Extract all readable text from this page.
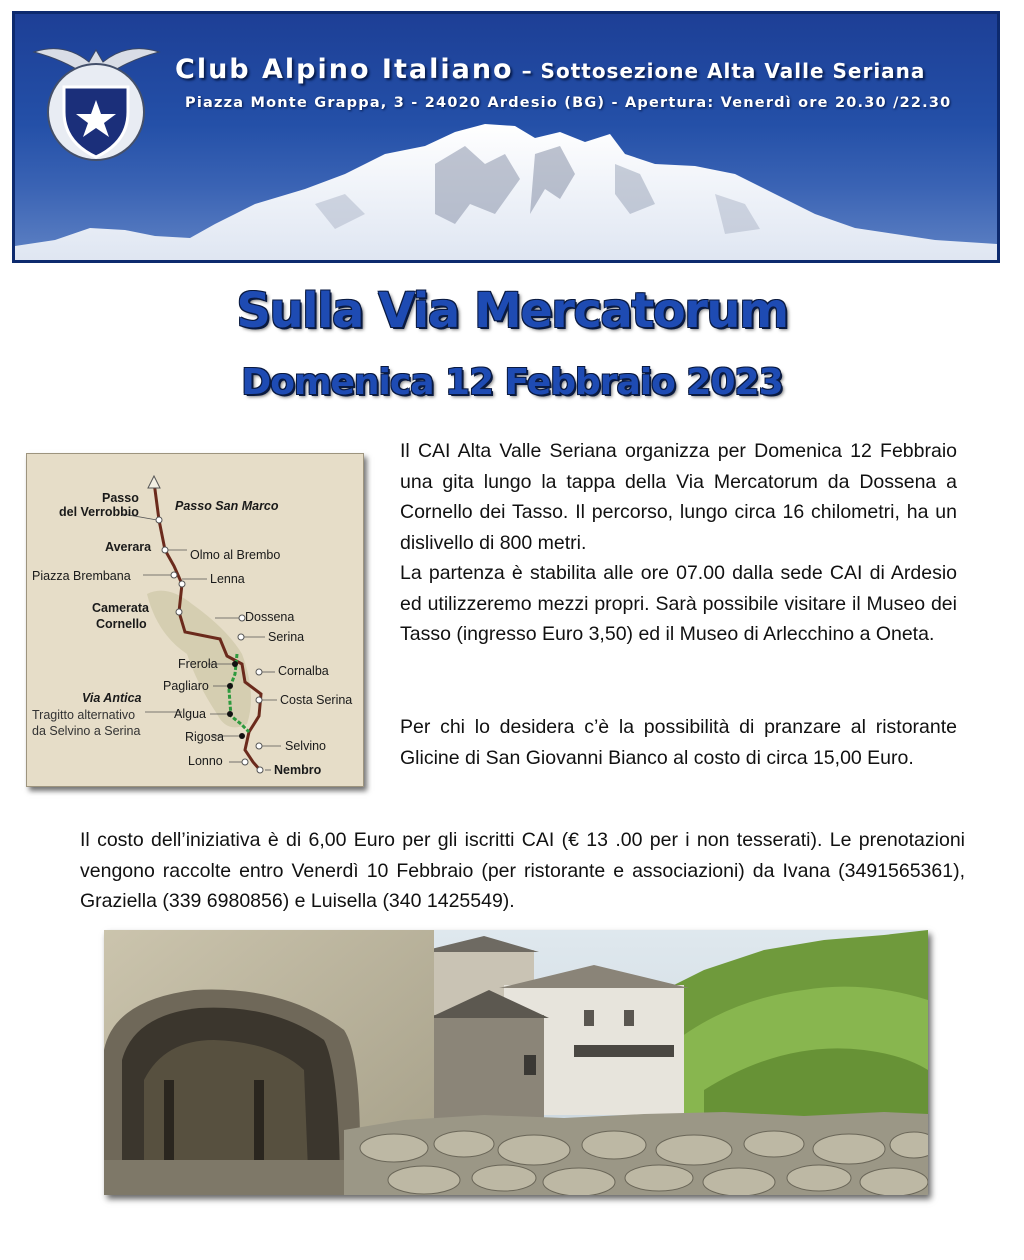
Club Alpino Italiano – Sottosezione Alta Valle Seriana
Piazza Monte Grappa, 3 - 24020 Ardesio (BG) - Apertura: Venerdì ore 20.30 /22.30
Sulla Via Mercatorum
Domenica 12 Febbraio 2023
Passo
del Verrobbio	Passo San Marco
Averara
Olmo al Brembo
Piazza Brembana	Lenna
Camerata
Cornello	Dossena
Serina
Frerola	Cornalba
Pagliaro
Via Antica	Costa Serina
Tragitto alternativo
da Selvino a Serina
Algua
Rigosa
Selvino
Lonno
Nembro
Il CAI Alta Valle Seriana organizza per Domenica 12 Febbraio una gita lungo la tappa della Via Mercatorum da Dossena a Cornello dei Tasso. Il percorso, lungo circa 16 chilometri, ha un dislivello di 800 metri.
La partenza è stabilita alle ore 07.00 dalla sede CAI di Ardesio ed utilizzeremo mezzi propri. Sarà possibile visitare il Museo dei Tasso (ingresso Euro 3,50) ed il Museo di Arlecchino a Oneta.
Per chi lo desidera c’è la possibilità di pranzare al ristorante Glicine di San Giovanni Bianco al costo di circa 15,00 Euro.
Il costo dell’iniziativa è di 6,00 Euro per gli iscritti CAI (€ 13 .00 per i non tesserati). Le prenotazioni vengono raccolte entro Venerdì 10 Febbraio (per ristorante e associazioni) da Ivana (3491565361), Graziella (339 6980856) e Luisella (340 1425549).
